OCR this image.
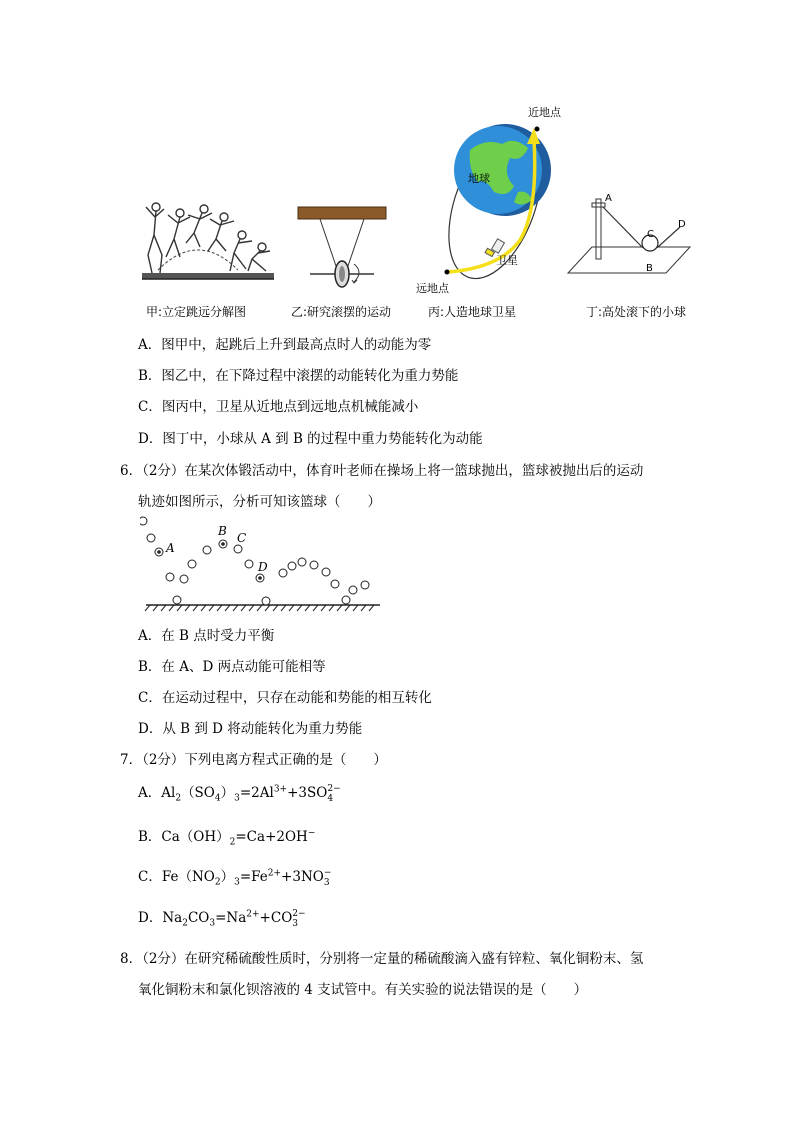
甲:立定跳远分解图	乙:研究滚摆的运动
近地点
地球
卫星
远地点
丙:人造地球卫星
A
C
D
B
丁:高处滚下的小球
A．图甲中，起跳后上升到最高点时人的动能为零
B．图乙中，在下降过程中滚摆的动能转化为重力势能
C．图丙中，卫星从近地点到远地点机械能减小
D．图丁中，小球从 A 到 B 的过程中重力势能转化为动能
6．（2分）在某次体锻活动中，体育叶老师在操场上将一篮球抛出，篮球被抛出后的运动
轨迹如图所示，分析可知该篮球（　　）
A
B C
D
A．在 B 点时受力平衡
B．在 A、D 两点动能可能相等
C．在运动过程中，只存在动能和势能的相互转化
D．从 B 到 D 将动能转化为重力势能
7．（2分）下列电离方程式正确的是（　　）
A．$Al_2(SO_4)_3=2Al^{3+}+3SO2-$
4
B．$Ca(OH)_2=Ca+2OH^-$
C．$Fe(NO_2)_3=Fe^{2+}+3NO-$
3
D．$Na_2CO_3=Na^{2+}+CO2-$
3
8．（2分）在研究稀硫酸性质时，分别将一定量的稀硫酸滴入盛有锌粒、氧化铜粉末、氢
氧化铜粉末和氯化钡溶液的 4 支试管中。有关实验的说法错误的是（　　）
